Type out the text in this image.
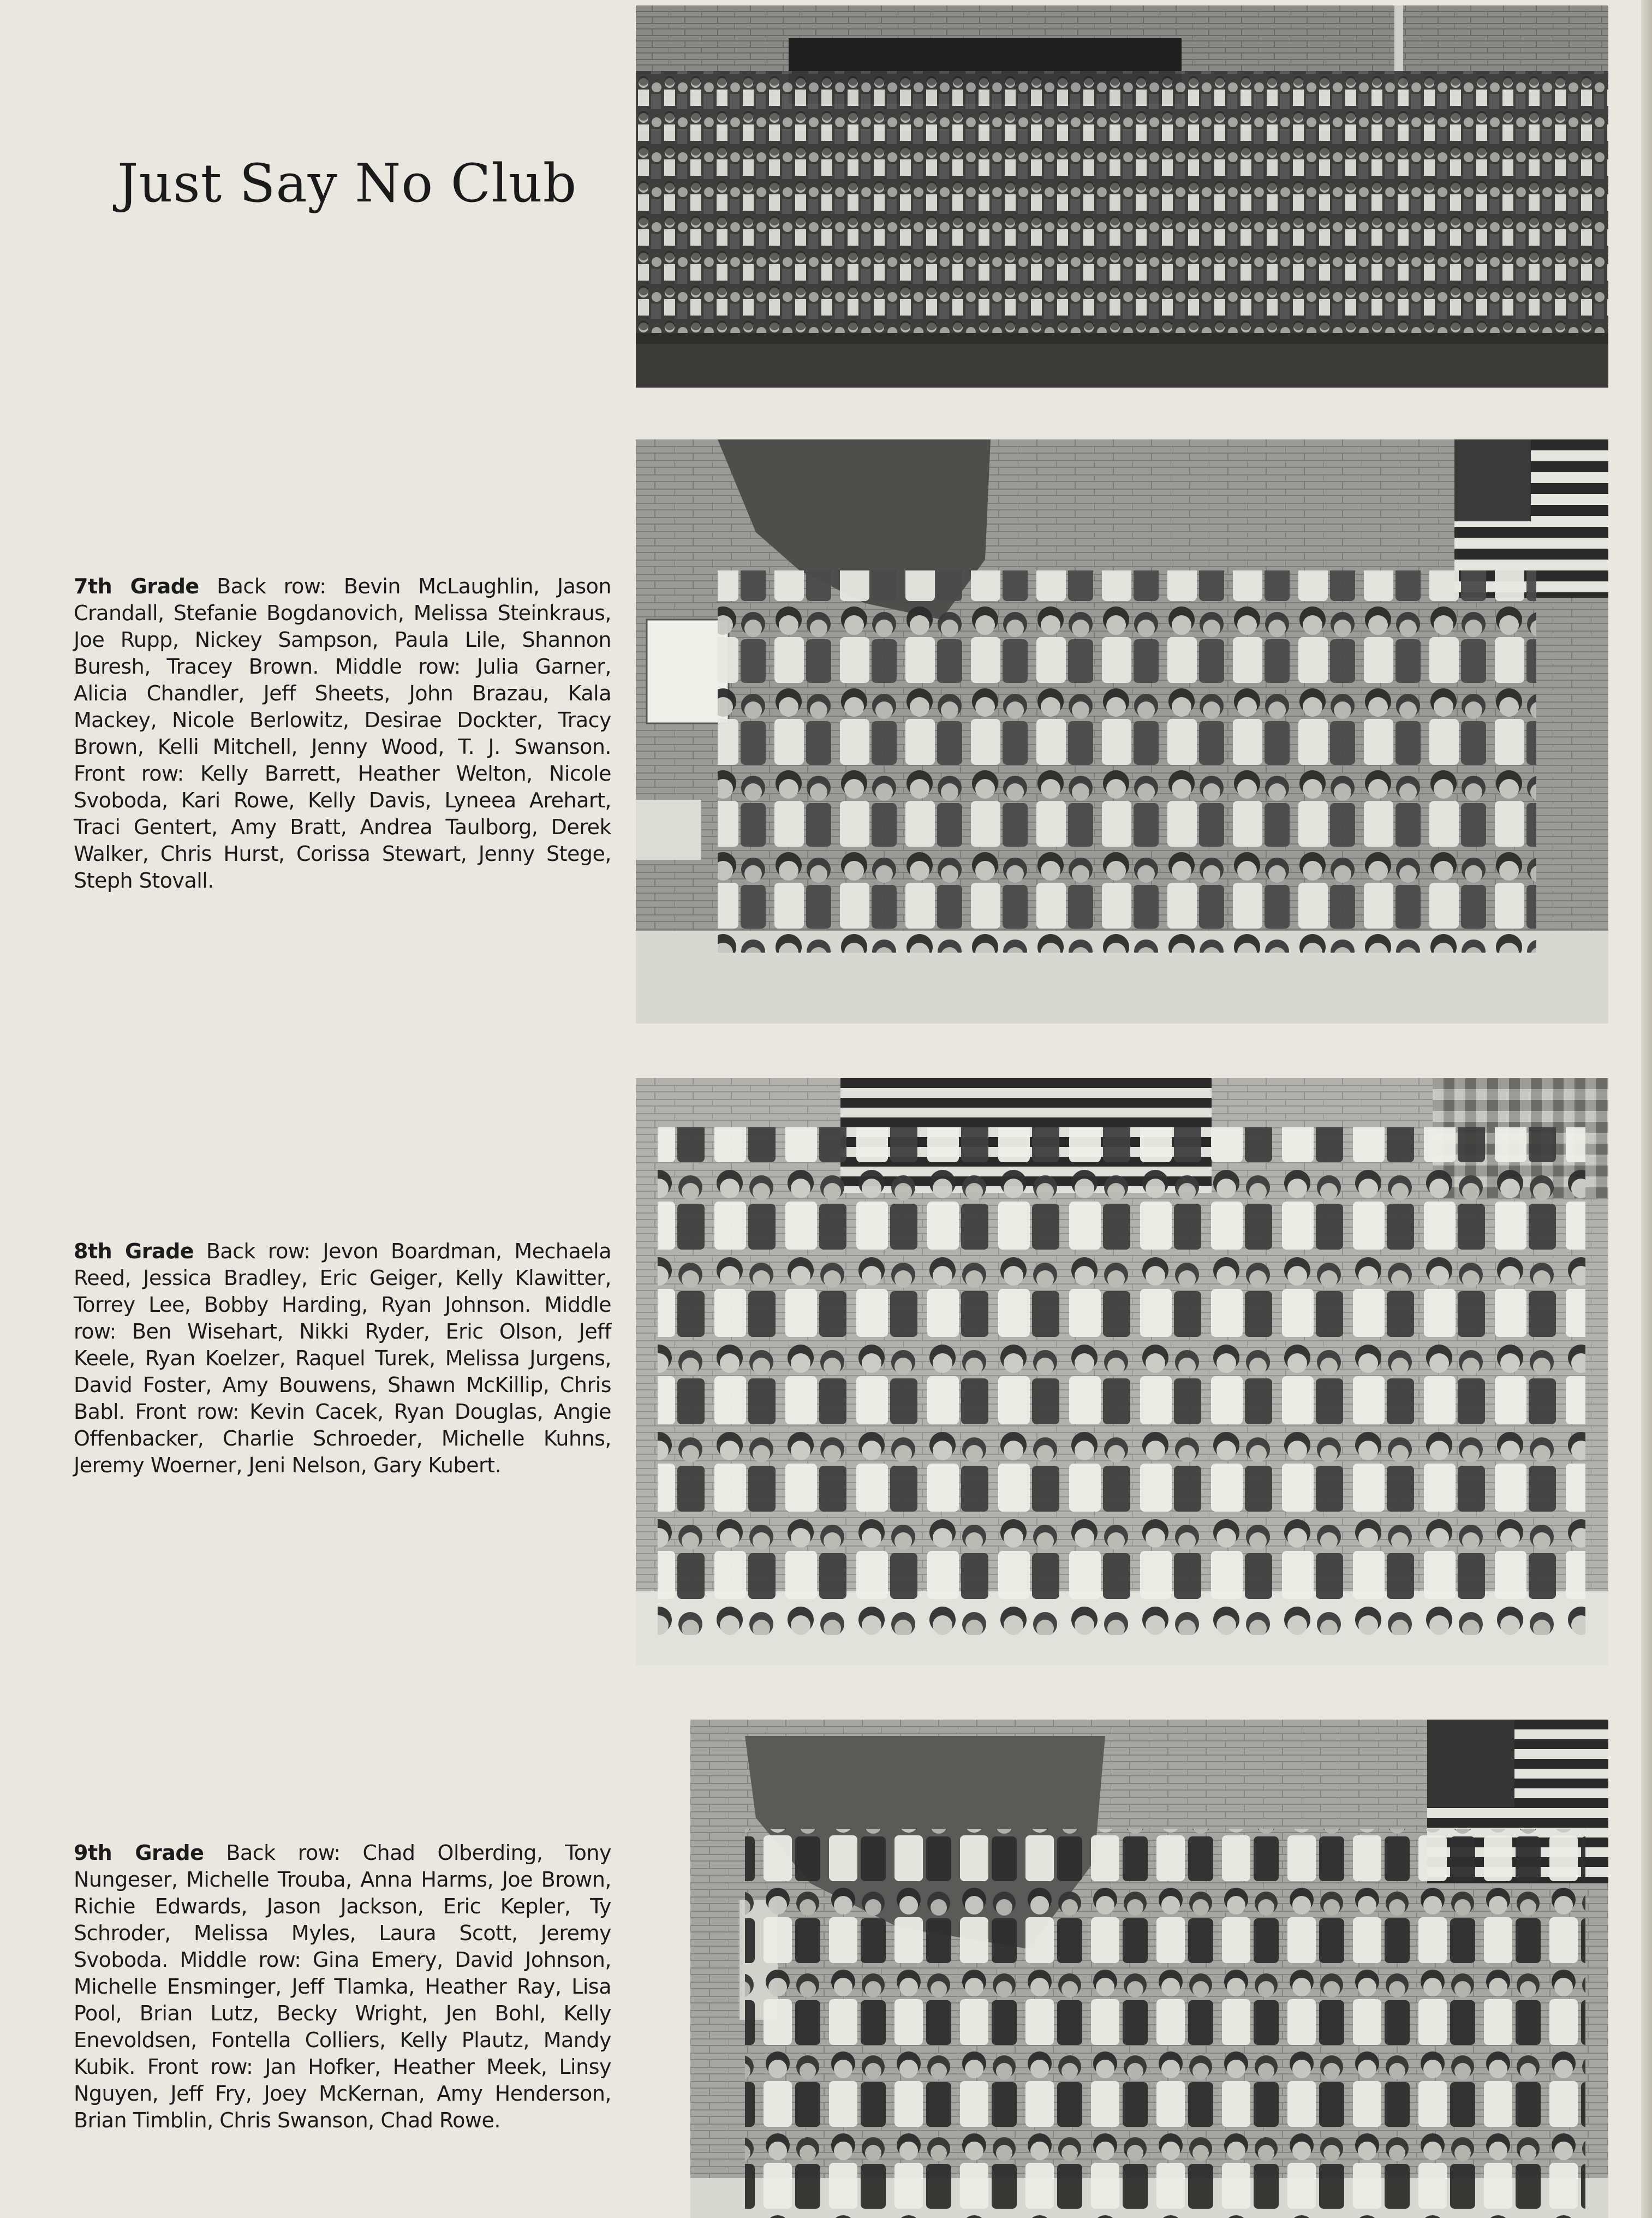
Just Say No Club
7th Grade Back row: Bevin McLaughlin, Jason Crandall, Stefanie Bogdanovich, Melissa Steinkraus, Joe Rupp, Nickey Sampson, Paula Lile, Shannon Buresh, Tracey Brown. Middle row: Julia Garner, Alicia Chandler, Jeff Sheets, John Brazau, Kala Mackey, Nicole Berlowitz, Desirae Dockter, Tracy Brown, Kelli Mitchell, Jenny Wood, T. J. Swanson. Front row: Kelly Barrett, Heather Welton, Nicole Svoboda, Kari Rowe, Kelly Davis, Lyneea Arehart, Traci Gentert, Amy Bratt, Andrea Taulborg, Derek Walker, Chris Hurst, Corissa Stewart, Jenny Stege, Steph Stovall.
8th Grade Back row: Jevon Boardman, Mechaela Reed, Jessica Bradley, Eric Geiger, Kelly Klawitter, Torrey Lee, Bobby Harding, Ryan Johnson. Middle row: Ben Wisehart, Nikki Ryder, Eric Olson, Jeff Keele, Ryan Koelzer, Raquel Turek, Melissa Jurgens, David Foster, Amy Bouwens, Shawn McKillip, Chris Babl. Front row: Kevin Cacek, Ryan Douglas, Angie Offenbacker, Charlie Schroeder, Michelle Kuhns, Jeremy Woerner, Jeni Nelson, Gary Kubert.
9th Grade Back row: Chad Olberding, Tony Nungeser, Michelle Trouba, Anna Harms, Joe Brown, Richie Edwards, Jason Jackson, Eric Kepler, Ty Schroder, Melissa Myles, Laura Scott, Jeremy Svoboda. Middle row: Gina Emery, David Johnson, Michelle Ensminger, Jeff Tlamka, Heather Ray, Lisa Pool, Brian Lutz, Becky Wright, Jen Bohl, Kelly Enevoldsen, Fontella Colliers, Kelly Plautz, Mandy Kubik. Front row: Jan Hofker, Heather Meek, Linsy Nguyen, Jeff Fry, Joey McKernan, Amy Henderson, Brian Timblin, Chris Swanson, Chad Rowe.
